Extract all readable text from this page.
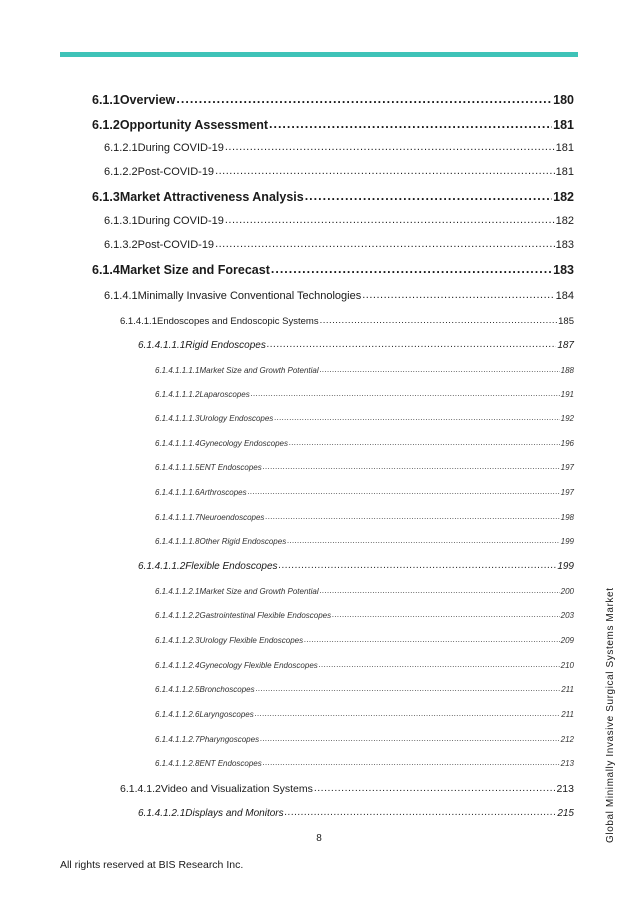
6.1.1 Overview .....	180
6.1.2 Opportunity Assessment .....	181
6.1.2.1 During COVID-19 .....	181
6.1.2.2 Post-COVID-19 .....	181
6.1.3 Market Attractiveness Analysis .....	182
6.1.3.1 During COVID-19 .....	182
6.1.3.2 Post-COVID-19 .....	183
6.1.4 Market Size and Forecast .....	183
6.1.4.1 Minimally Invasive Conventional Technologies .....	184
6.1.4.1.1 Endoscopes and Endoscopic Systems .....	185
6.1.4.1.1.1 Rigid Endoscopes .....	187
6.1.4.1.1.1.1 Market Size and Growth Potential .....	188
6.1.4.1.1.1.2 Laparoscopes .....	191
6.1.4.1.1.1.3 Urology Endoscopes .....	192
6.1.4.1.1.1.4 Gynecology Endoscopes .....	196
6.1.4.1.1.1.5 ENT Endoscopes .....	197
6.1.4.1.1.1.6 Arthroscopes .....	197
6.1.4.1.1.1.7 Neuroendoscopes .....	198
6.1.4.1.1.1.8 Other Rigid Endoscopes .....	199
6.1.4.1.1.2 Flexible Endoscopes .....	199
6.1.4.1.1.2.1 Market Size and Growth Potential .....	200
6.1.4.1.1.2.2 Gastrointestinal Flexible Endoscopes .....	203
6.1.4.1.1.2.3 Urology Flexible Endoscopes .....	209
6.1.4.1.1.2.4 Gynecology Flexible Endoscopes .....	210
6.1.4.1.1.2.5 Bronchoscopes .....	211
6.1.4.1.1.2.6 Laryngoscopes .....	211
6.1.4.1.1.2.7 Pharyngoscopes .....	212
6.1.4.1.1.2.8 ENT Endoscopes .....	213
6.1.4.1.2 Video and Visualization Systems .....	213
6.1.4.1.2.1 Displays and Monitors .....	215
8
All rights reserved at BIS Research Inc.
Global Minimally Invasive Surgical Systems Market
